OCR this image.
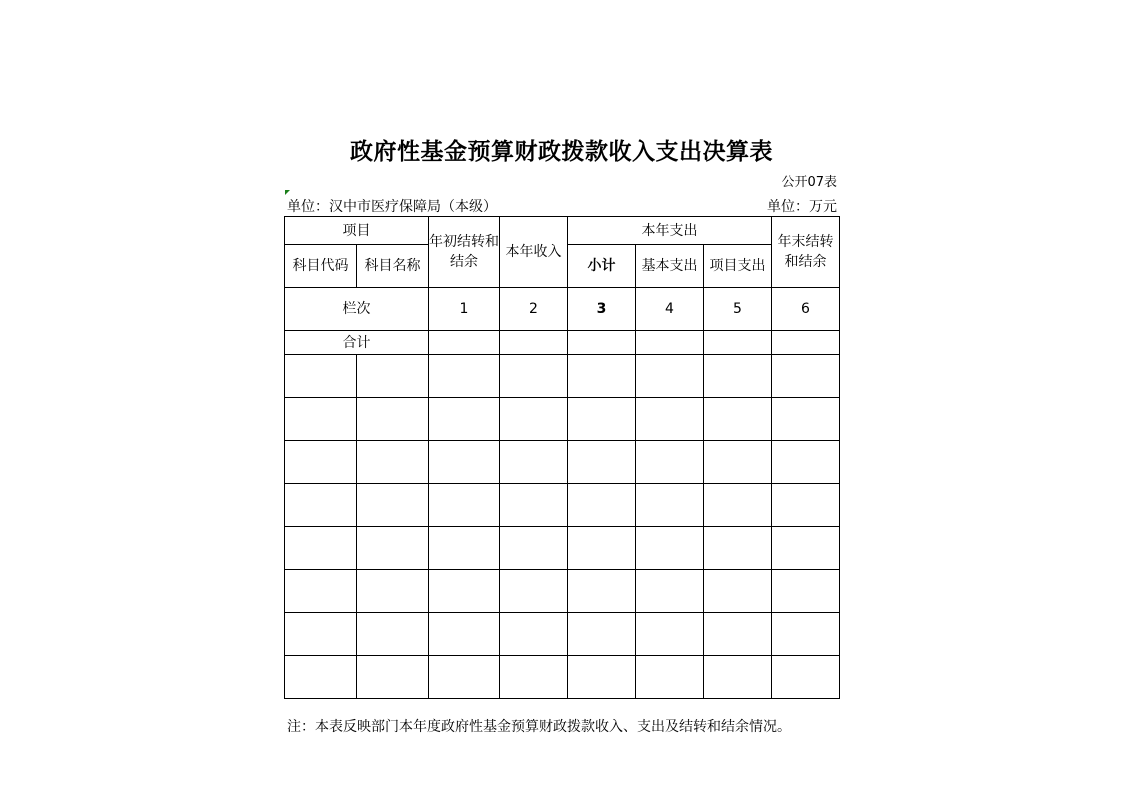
政府性基金预算财政拨款收入支出决算表
公开07表
单位：汉中市医疗保障局（本级）	单位：万元
项目		年初结转和结余	本年收入	本年支出			年末结转和结余
科目代码	科目名称			小计	基本支出	项目支出	
栏次		1	2	3	4	5	6
合计							

注：本表反映部门本年度政府性基金预算财政拨款收入、支出及结转和结余情况。
